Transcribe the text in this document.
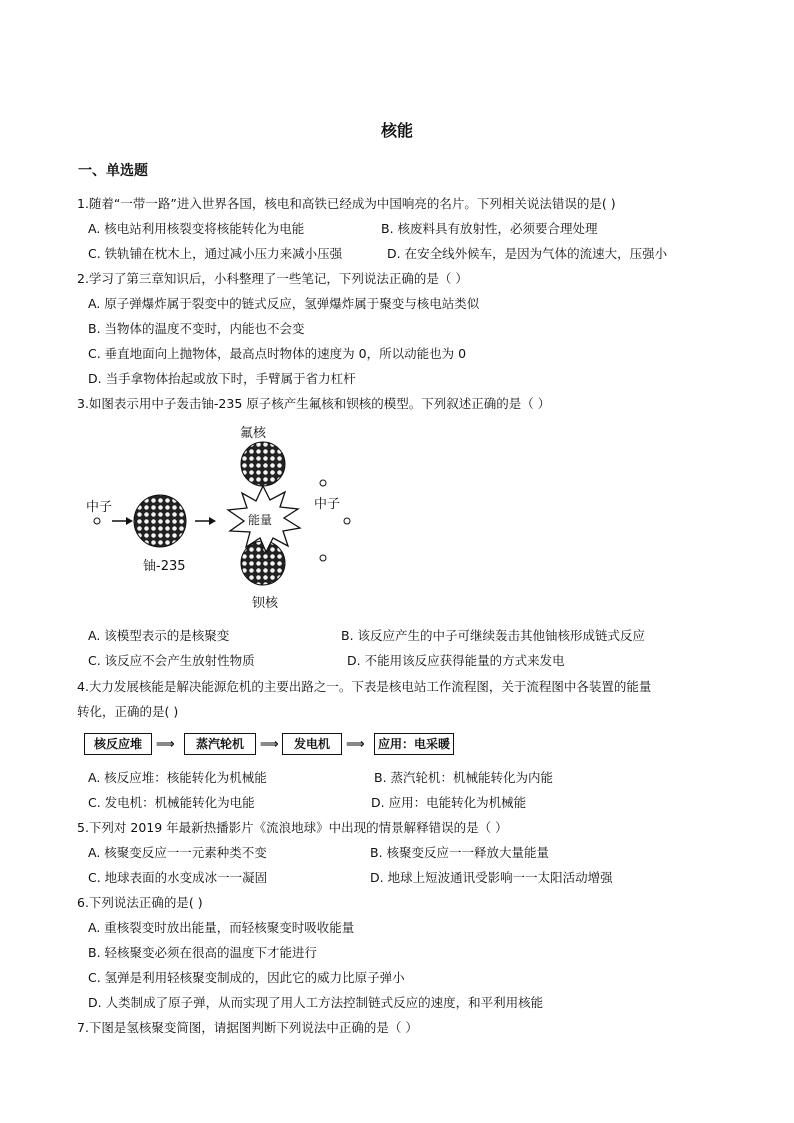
核能
一、单选题
1.随着“一带一路”进入世界各国，核电和高铁已经成为中国响亮的名片。下列相关说法错误的是( )
A. 核电站利用核裂变将核能转化为电能	B. 核废料具有放射性，必须要合理处理
C. 铁轨铺在枕木上，通过减小压力来减小压强	D. 在安全线外候车，是因为气体的流速大，压强小
2.学习了第三章知识后，小科整理了一些笔记，下列说法正确的是（ ）
A. 原子弹爆炸属于裂变中的链式反应，氢弹爆炸属于聚变与核电站类似
B. 当物体的温度不变时，内能也不会变
C. 垂直地面向上抛物体，最高点时物体的速度为 0，所以动能也为 0
D. 当手拿物体抬起或放下时，手臂属于省力杠杆
3.如图表示用中子轰击铀-235 原子核产生氟核和钡核的模型。下列叙述正确的是（ ）
氟核
中子
能量
中子
铀-235
钡核
A. 该模型表示的是核聚变	B. 该反应产生的中子可继续轰击其他铀核形成链式反应
C. 该反应不会产生放射性物质	D. 不能用该反应获得能量的方式来发电
4.大力发展核能是解决能源危机的主要出路之一。下表是核电站工作流程图，关于流程图中各装置的能量
转化，正确的是( )
核反应堆	⟹	蒸汽轮机	⟹	发电机	⟹	应用：电采暖
A. 核反应堆：核能转化为机械能	B. 蒸汽轮机：机械能转化为内能
C. 发电机：机械能转化为电能	D. 应用：电能转化为机械能
5.下列对 2019 年最新热播影片《流浪地球》中出现的情景解释错误的是（ ）
A. 核聚变反应一一元素种类不变	B. 核聚变反应一一释放大量能量
C. 地球表面的水变成冰一一凝固	D. 地球上短波通讯受影响一一太阳活动增强
6.下列说法正确的是( )
A. 重核裂变时放出能量，而轻核聚变时吸收能量
B. 轻核聚变必须在很高的温度下才能进行
C. 氢弹是利用轻核聚变制成的，因此它的威力比原子弹小
D. 人类制成了原子弹，从而实现了用人工方法控制链式反应的速度，和平利用核能
7.下图是氢核聚变简图，请据图判断下列说法中正确的是（ ）
